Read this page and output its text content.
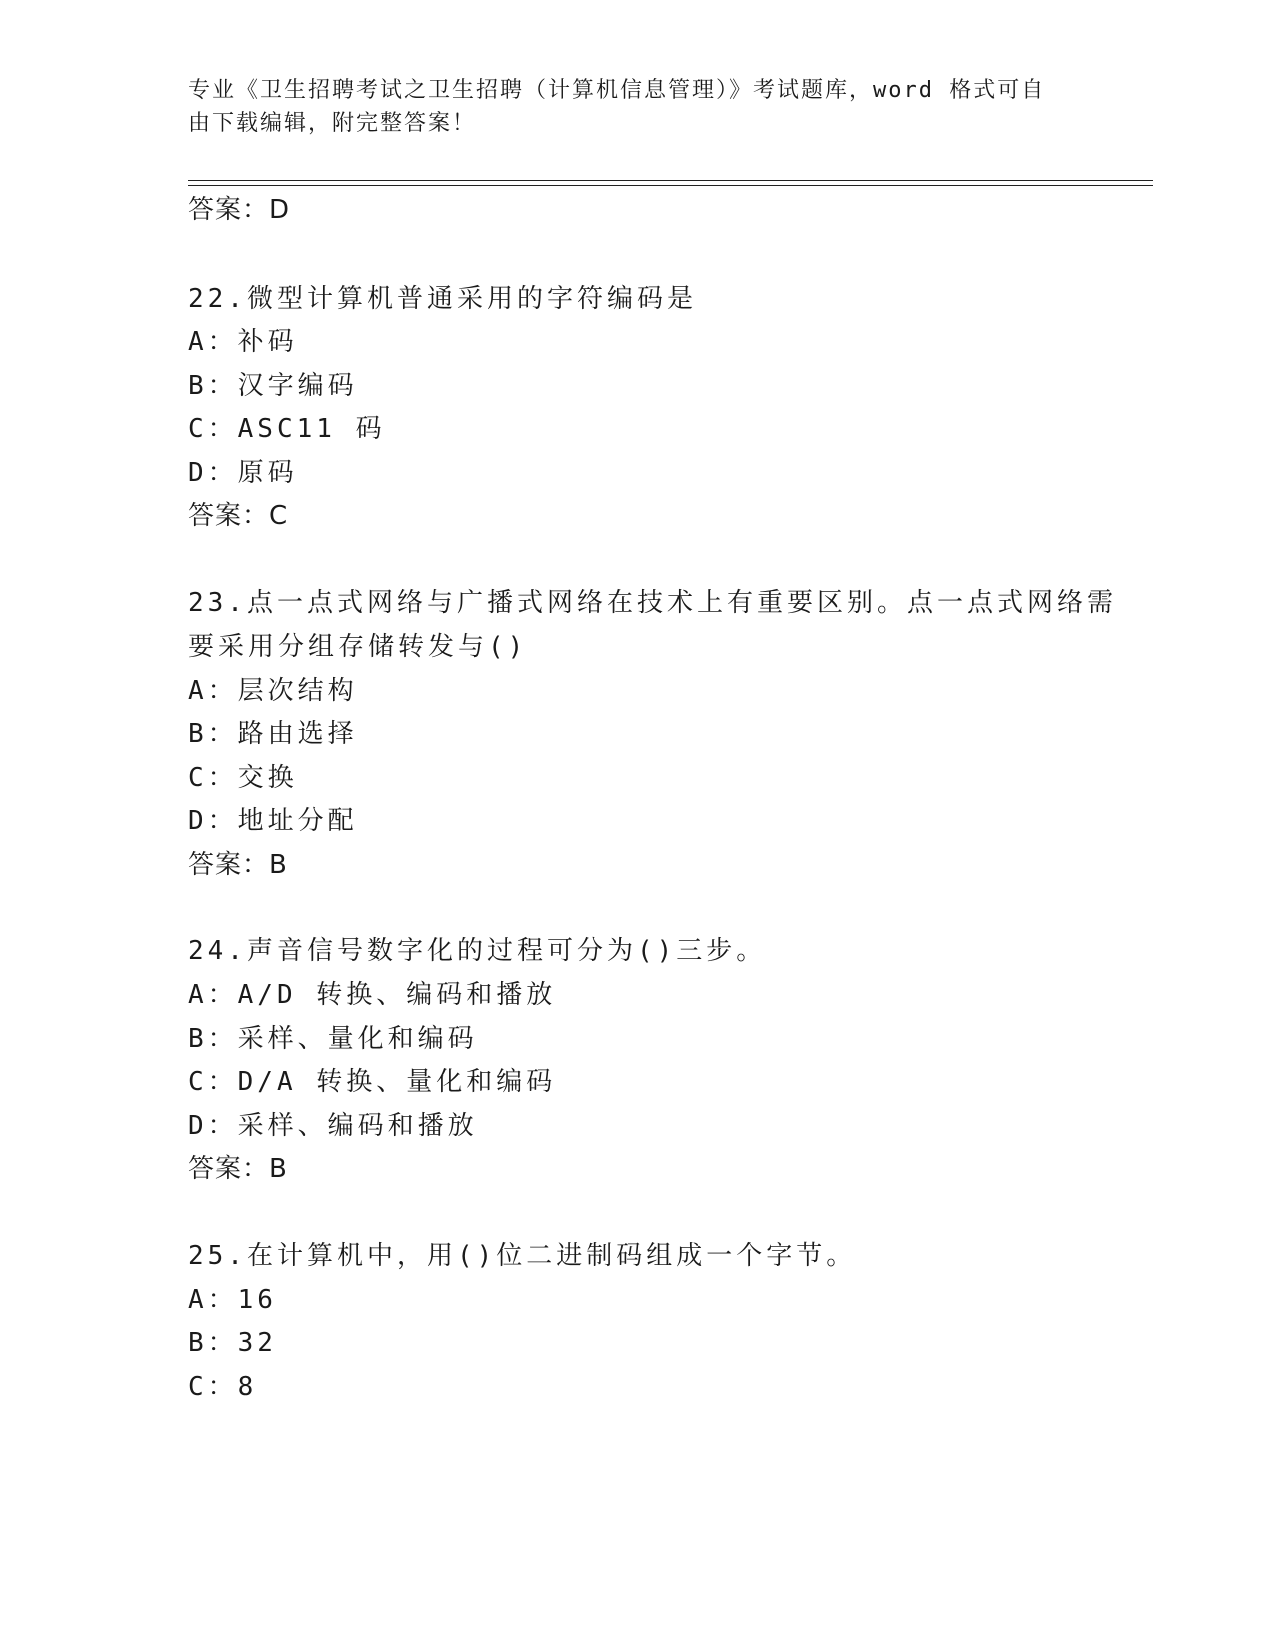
专业《卫生招聘考试之卫生招聘（计算机信息管理）》考试题库，word 格式可自
由下载编辑，附完整答案！
答案：D
22.微型计算机普通采用的字符编码是
A：补码
B：汉字编码
C：ASC11 码
D：原码
答案：C
23.点一点式网络与广播式网络在技术上有重要区别。点一点式网络需
要采用分组存储转发与()
A：层次结构
B：路由选择
C：交换
D：地址分配
答案：B
24.声音信号数字化的过程可分为()三步。
A：A/D 转换、编码和播放
B：采样、量化和编码
C：D/A 转换、量化和编码
D：采样、编码和播放
答案：B
25.在计算机中，用()位二进制码组成一个字节。
A：16
B：32
C：8
